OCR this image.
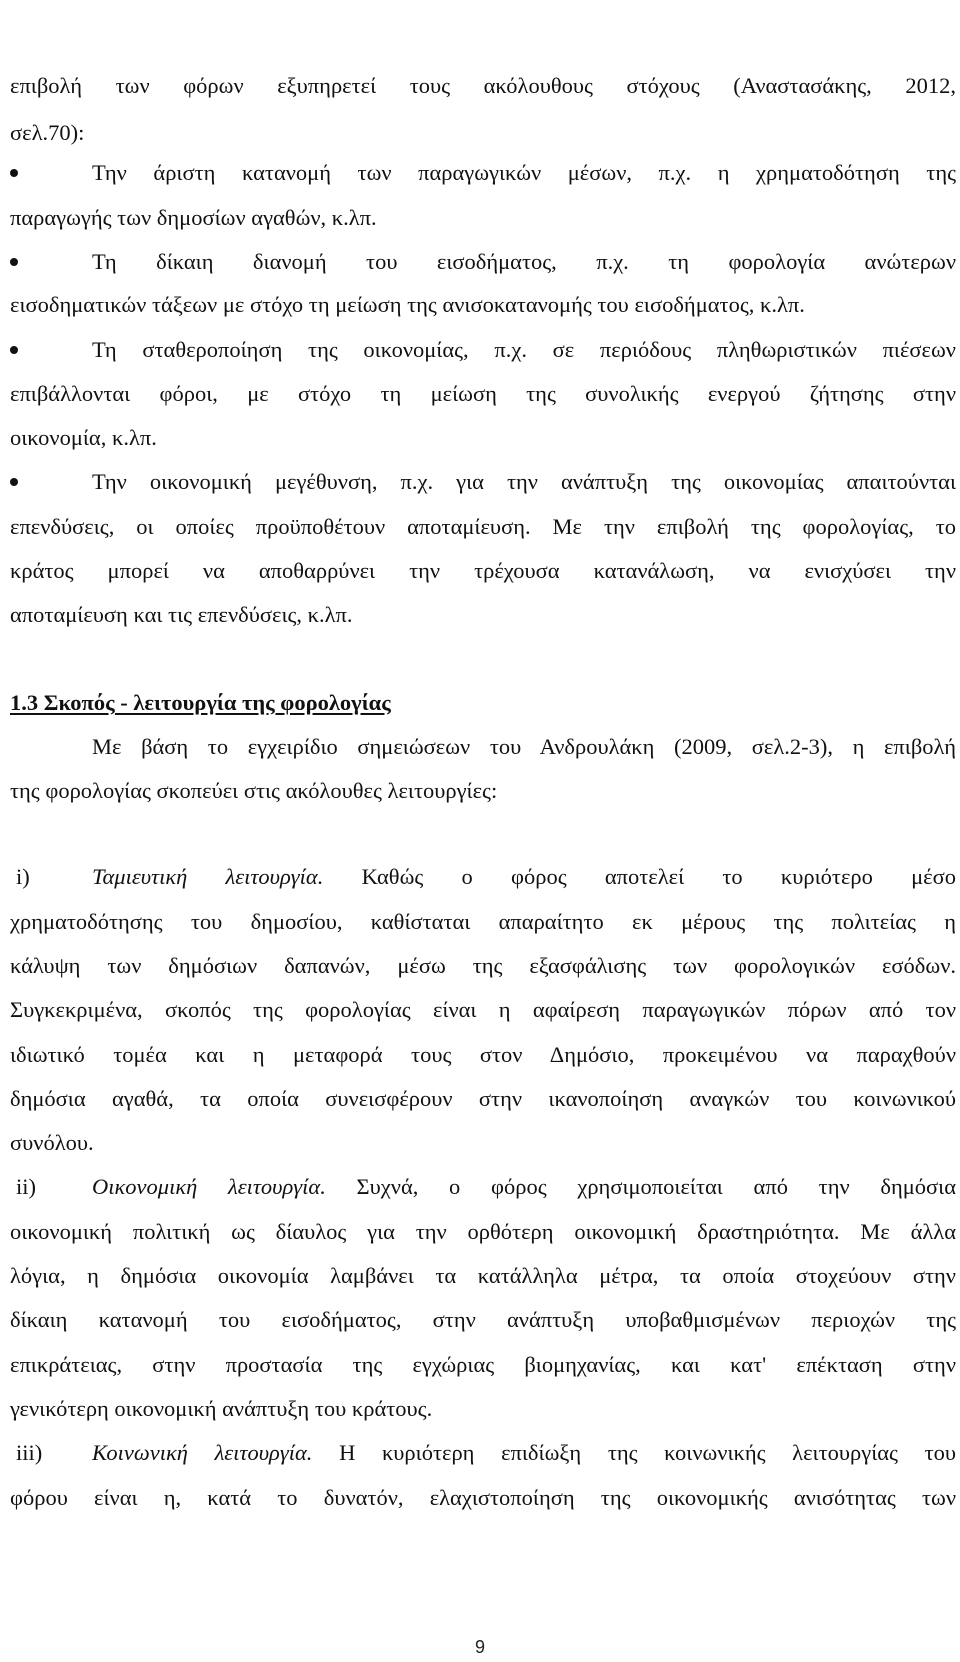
επιβολή των φόρων εξυπηρετεί τους ακόλουθους στόχους (Αναστασάκης, 2012,
σελ.70):
Την άριστη κατανομή των παραγωγικών μέσων, π.χ. η χρηματοδότηση της
παραγωγής των δημοσίων αγαθών, κ.λπ.
Τη δίκαιη διανομή του εισοδήματος, π.χ. τη φορολογία ανώτερων
εισοδηματικών τάξεων με στόχο τη μείωση της ανισοκατανομής του εισοδήματος, κ.λπ.
Τη σταθεροποίηση της οικονομίας, π.χ. σε περιόδους πληθωριστικών πιέσεων
επιβάλλονται φόροι, με στόχο τη μείωση της συνολικής ενεργού ζήτησης στην
οικονομία, κ.λπ.
Την οικονομική μεγέθυνση, π.χ. για την ανάπτυξη της οικονομίας απαιτούνται
επενδύσεις, οι οποίες προϋποθέτουν αποταμίευση. Με την επιβολή της φορολογίας, το
κράτος μπορεί να αποθαρρύνει την τρέχουσα κατανάλωση, να ενισχύσει την
αποταμίευση και τις επενδύσεις, κ.λπ.
1.3 Σκοπός - λειτουργία της φορολογίας
Με βάση το εγχειρίδιο σημειώσεων του Ανδρουλάκη (2009, σελ.2-3), η επιβολή
της φορολογίας σκοπεύει στις ακόλουθες λειτουργίες:
i)	Ταμιευτική λειτουργία. Καθώς ο φόρος αποτελεί το κυριότερο μέσο
χρηματοδότησης του δημοσίου, καθίσταται απαραίτητο εκ μέρους της πολιτείας η
κάλυψη των δημόσιων δαπανών, μέσω της εξασφάλισης των φορολογικών εσόδων.
Συγκεκριμένα, σκοπός της φορολογίας είναι η αφαίρεση παραγωγικών πόρων από τον
ιδιωτικό τομέα και η μεταφορά τους στον Δημόσιο, προκειμένου να παραχθούν
δημόσια αγαθά, τα οποία συνεισφέρουν στην ικανοποίηση αναγκών του κοινωνικού
συνόλου.
ii) Οικονομική λειτουργία. Συχνά, ο φόρος χρησιμοποιείται από την δημόσια
οικονομική πολιτική ως δίαυλος για την ορθότερη οικονομική δραστηριότητα. Με άλλα
λόγια, η δημόσια οικονομία λαμβάνει τα κατάλληλα μέτρα, τα οποία στοχεύουν στην
δίκαιη κατανομή του εισοδήματος, στην ανάπτυξη υποβαθμισμένων περιοχών της
επικράτειας, στην προστασία της εγχώριας βιομηχανίας, και κατ' επέκταση στην
γενικότερη οικονομική ανάπτυξη του κράτους.
iii) Κοινωνική λειτουργία. Η κυριότερη επιδίωξη της κοινωνικής λειτουργίας του
φόρου είναι η, κατά το δυνατόν, ελαχιστοποίηση της οικονομικής ανισότητας των
9
